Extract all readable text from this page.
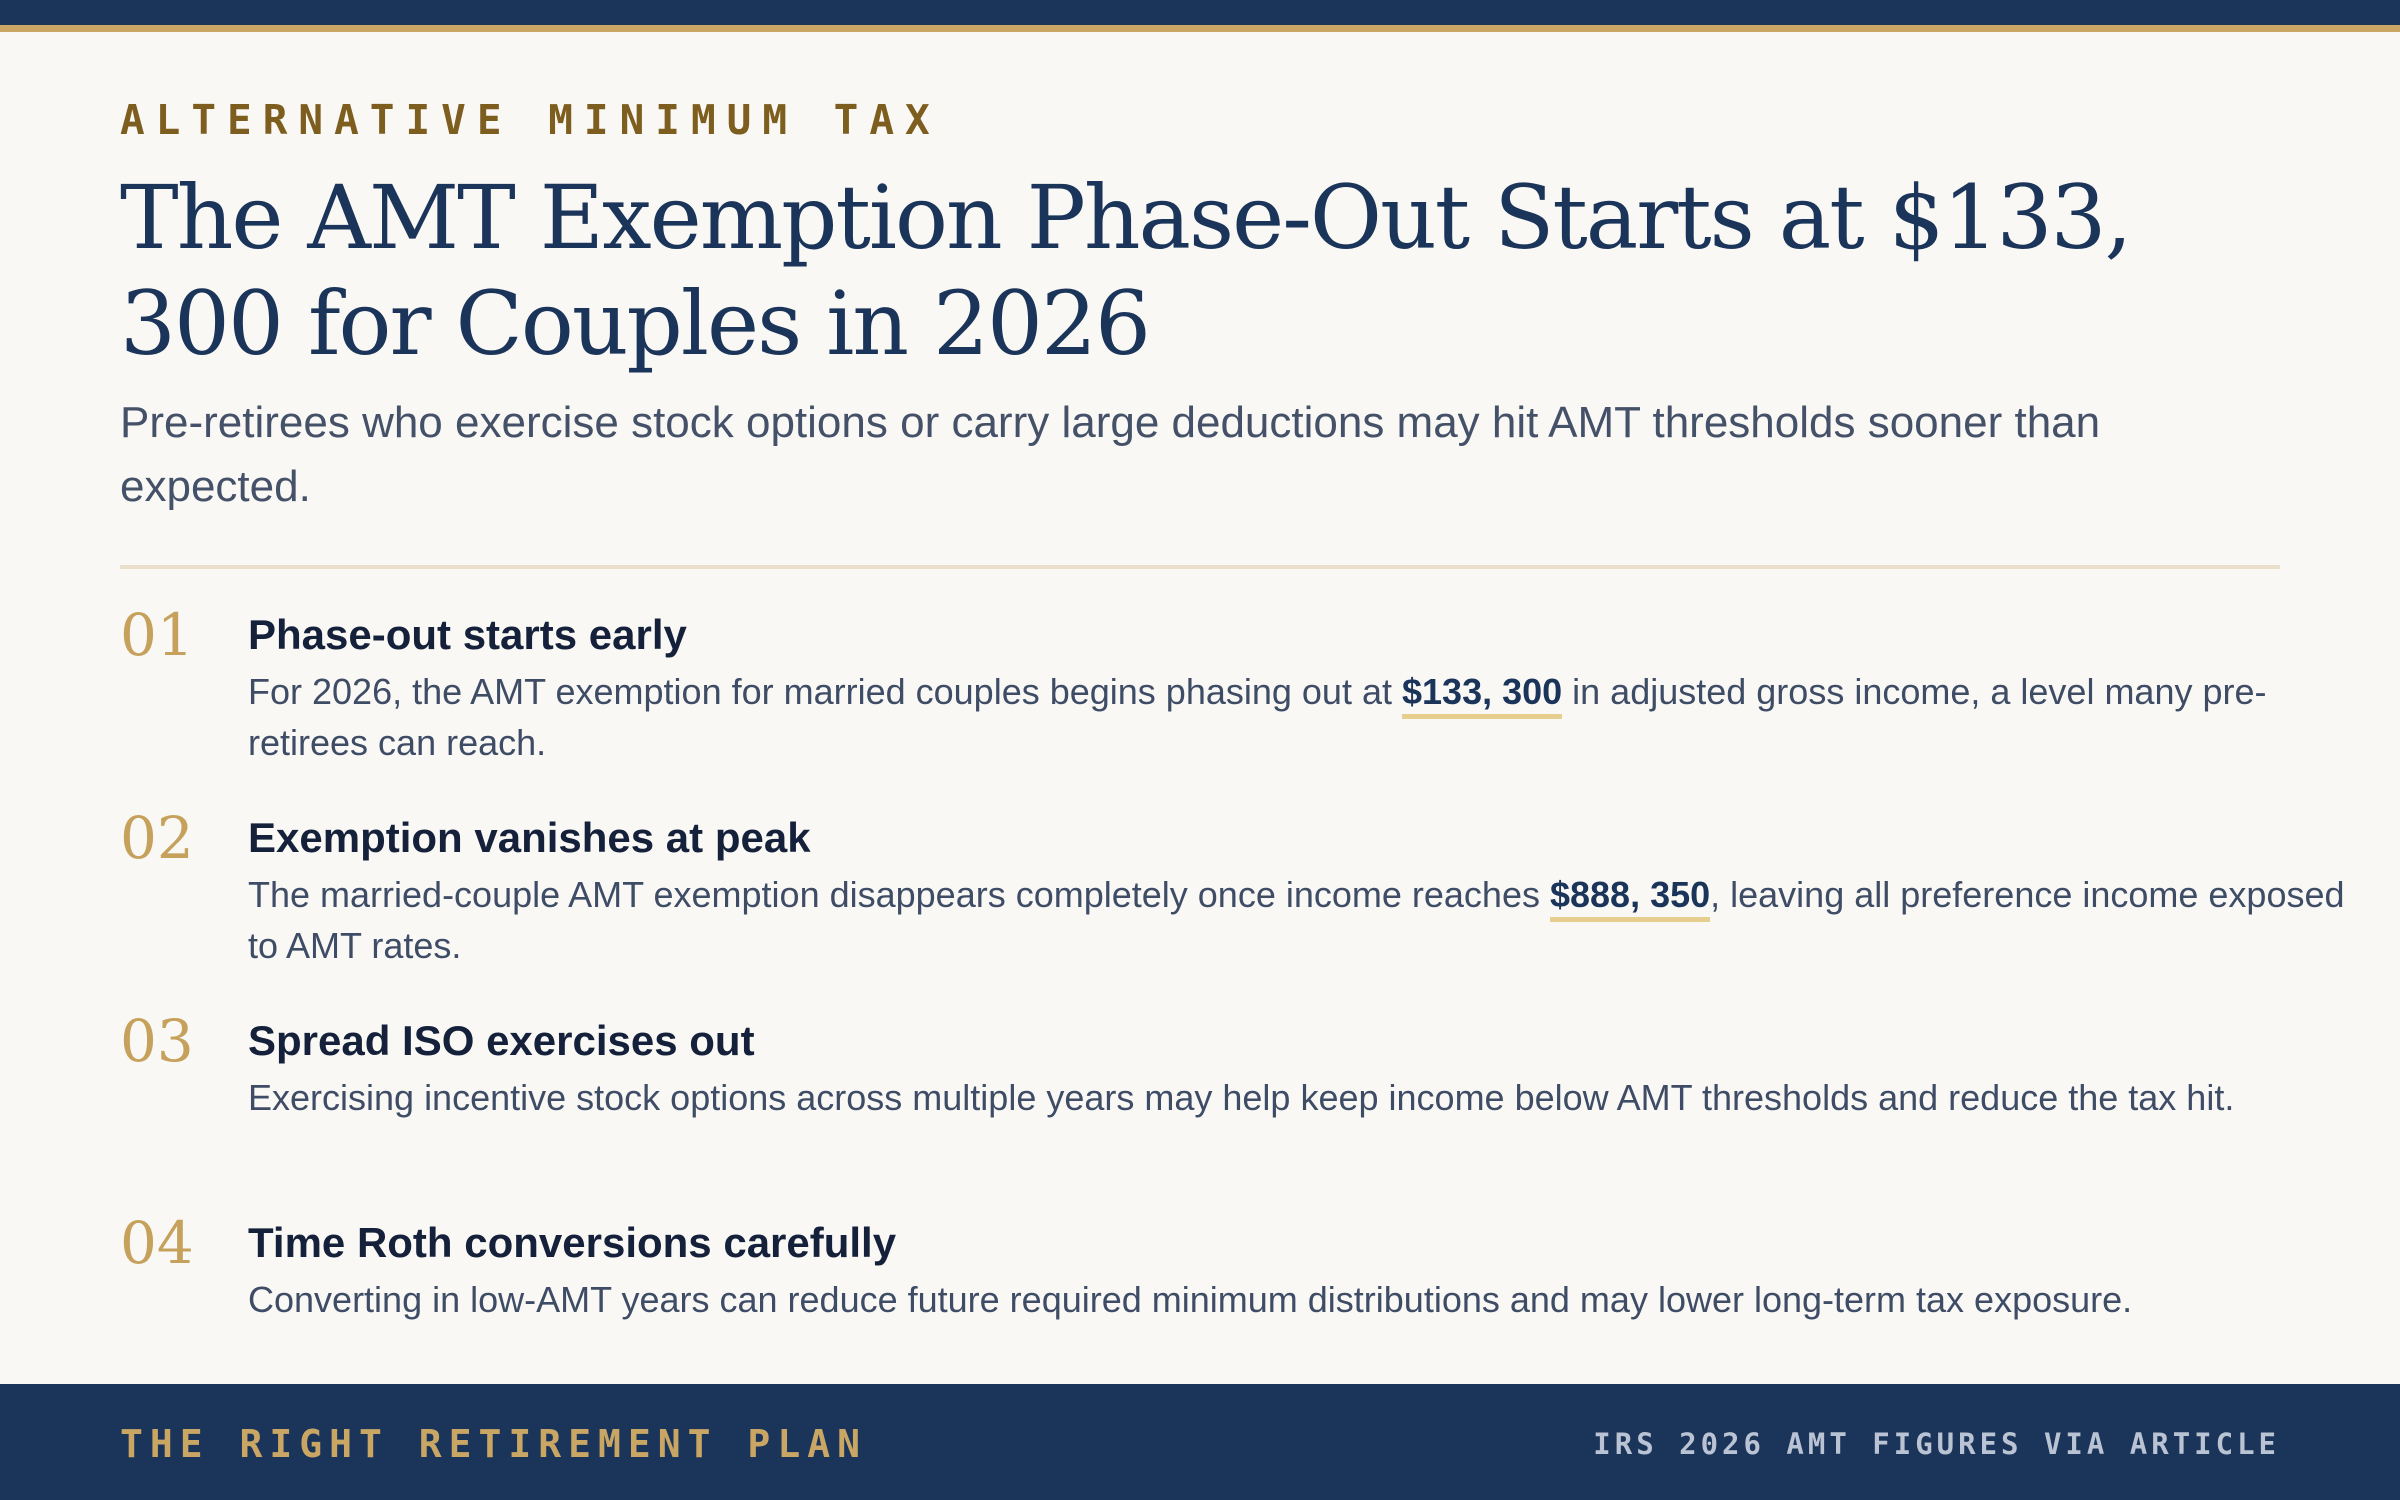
ALTERNATIVE MINIMUM TAX
The AMT Exemption Phase-Out Starts at $133, 300 for Couples in 2026
Pre-retirees who exercise stock options or carry large deductions may hit AMT thresholds sooner than expected.
01 Phase-out starts early
For 2026, the AMT exemption for married couples begins phasing out at $133, 300 in adjusted gross income, a level many pre-retirees can reach.
02 Exemption vanishes at peak
The married-couple AMT exemption disappears completely once income reaches $888, 350, leaving all preference income exposed to AMT rates.
03 Spread ISO exercises out
Exercising incentive stock options across multiple years may help keep income below AMT thresholds and reduce the tax hit.
04 Time Roth conversions carefully
Converting in low-AMT years can reduce future required minimum distributions and may lower long-term tax exposure.
THE RIGHT RETIREMENT PLAN	IRS 2026 AMT FIGURES VIA ARTICLE
